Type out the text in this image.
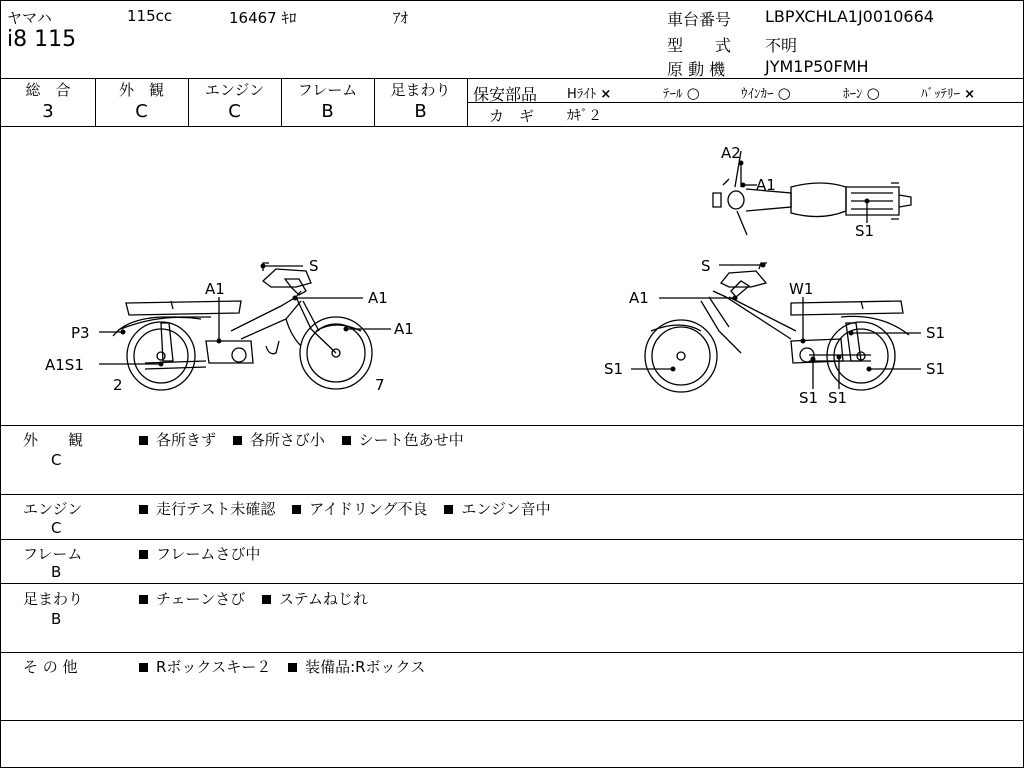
ヤマハ	115cc	16467 ｷﾛ	ｱｵ
i8 115
車台番号 LBPXCHLA1J0010664
型　　式 不明
原 動 機 JYM1P50FMH
総　合
3
外　観
C
エンジン
C
フレーム
B
足まわり
B
保安部品 Hﾗｲﾄ ×	ﾃｰﾙ ○	ｳｲﾝｶｰ ○	ﾎｰﾝ ○	ﾊﾞｯﾃﾘｰ ×
カ　ギ ｶｷﾞ２
S
A1	A1
A1
P3
A1S1
2	7
S
A1	W1
S1
S1	S1
S1 S1
A2
A1
S1
外　　観
C
各所きず 各所さび小 シート色あせ中
エンジン
C
走行テスト未確認 アイドリング不良 エンジン音中
フレーム
B
フレームさび中
足まわり
B
チェーンさび ステムねじれ
そ の 他	Rボックスキー２ 装備品:Rボックス
